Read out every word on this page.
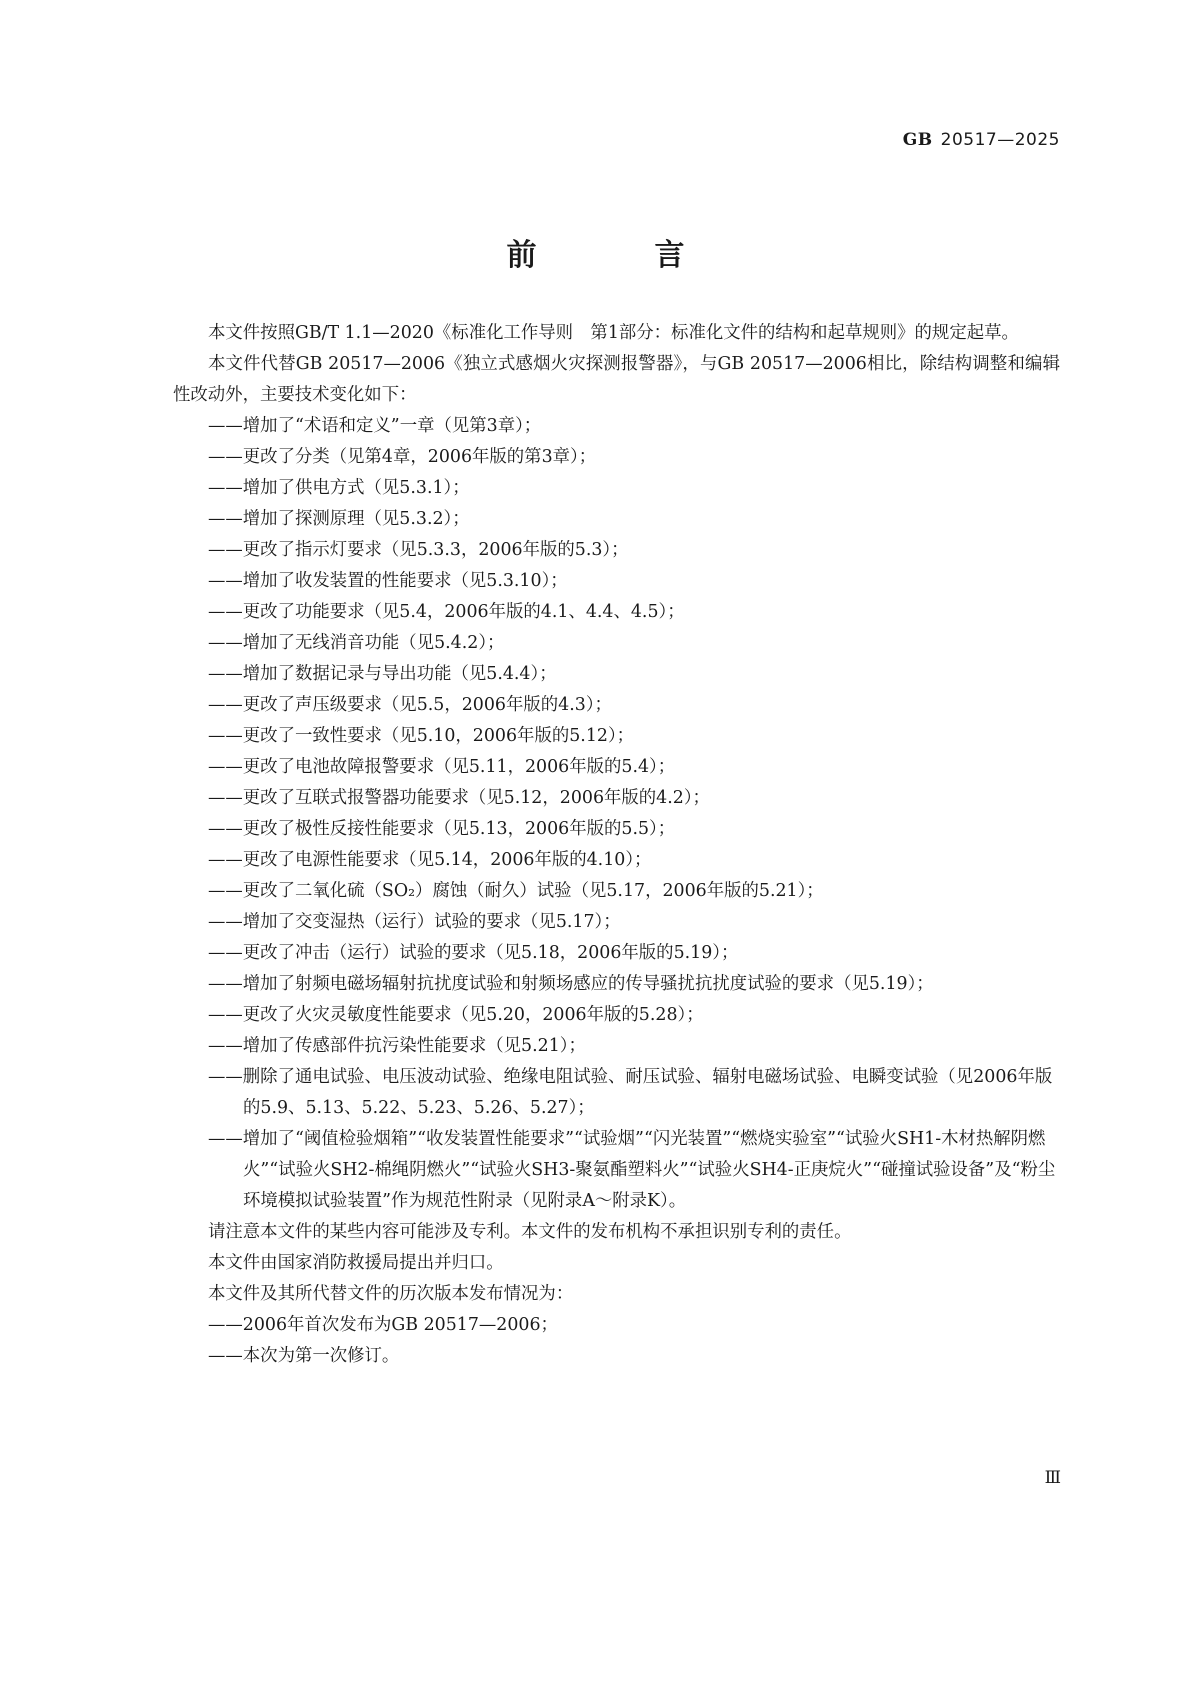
GB 20517—2025
前　言

本文件按照GB/T 1.1—2020《标准化工作导则　第1部分：标准化文件的结构和起草规则》的规定起草。

本文件代替GB 20517—2006《独立式感烟火灾探测报警器》，与GB 20517—2006相比，除结构调整和编辑性改动外，主要技术变化如下：

——增加了“术语和定义”一章（见第3章）；

——更改了分类（见第4章，2006年版的第3章）；

——增加了供电方式（见5.3.1）；

——增加了探测原理（见5.3.2）；

——更改了指示灯要求（见5.3.3，2006年版的5.3）；

——增加了收发装置的性能要求（见5.3.10）；

——更改了功能要求（见5.4，2006年版的4.1、4.4、4.5）；

——增加了无线消音功能（见5.4.2）；

——增加了数据记录与导出功能（见5.4.4）；

——更改了声压级要求（见5.5，2006年版的4.3）；

——更改了一致性要求（见5.10，2006年版的5.12）；

——更改了电池故障报警要求（见5.11，2006年版的5.4）；

——更改了互联式报警器功能要求（见5.12，2006年版的4.2）；

——更改了极性反接性能要求（见5.13，2006年版的5.5）；

——更改了电源性能要求（见5.14，2006年版的4.10）；

——更改了二氧化硫（SO₂）腐蚀（耐久）试验（见5.17，2006年版的5.21）；

——增加了交变湿热（运行）试验的要求（见5.17）；

——更改了冲击（运行）试验的要求（见5.18，2006年版的5.19）；

——增加了射频电磁场辐射抗扰度试验和射频场感应的传导骚扰抗扰度试验的要求（见5.19）；

——更改了火灾灵敏度性能要求（见5.20，2006年版的5.28）；

——增加了传感部件抗污染性能要求（见5.21）；

——删除了通电试验、电压波动试验、绝缘电阻试验、耐压试验、辐射电磁场试验、电瞬变试验（见2006年版的5.9、5.13、5.22、5.23、5.26、5.27）；

——增加了“阈值检验烟箱”“收发装置性能要求”“试验烟”“闪光装置”“燃烧实验室”“试验火SH1-木材热解阴燃火”“试验火SH2-棉绳阴燃火”“试验火SH3-聚氨酯塑料火”“试验火SH4-正庚烷火”“碰撞试验设备”及“粉尘环境模拟试验装置”作为规范性附录（见附录A～附录K）。

请注意本文件的某些内容可能涉及专利。本文件的发布机构不承担识别专利的责任。

本文件由国家消防救援局提出并归口。

本文件及其所代替文件的历次版本发布情况为：

——2006年首次发布为GB 20517—2006；

——本次为第一次修订。

Ⅲ
